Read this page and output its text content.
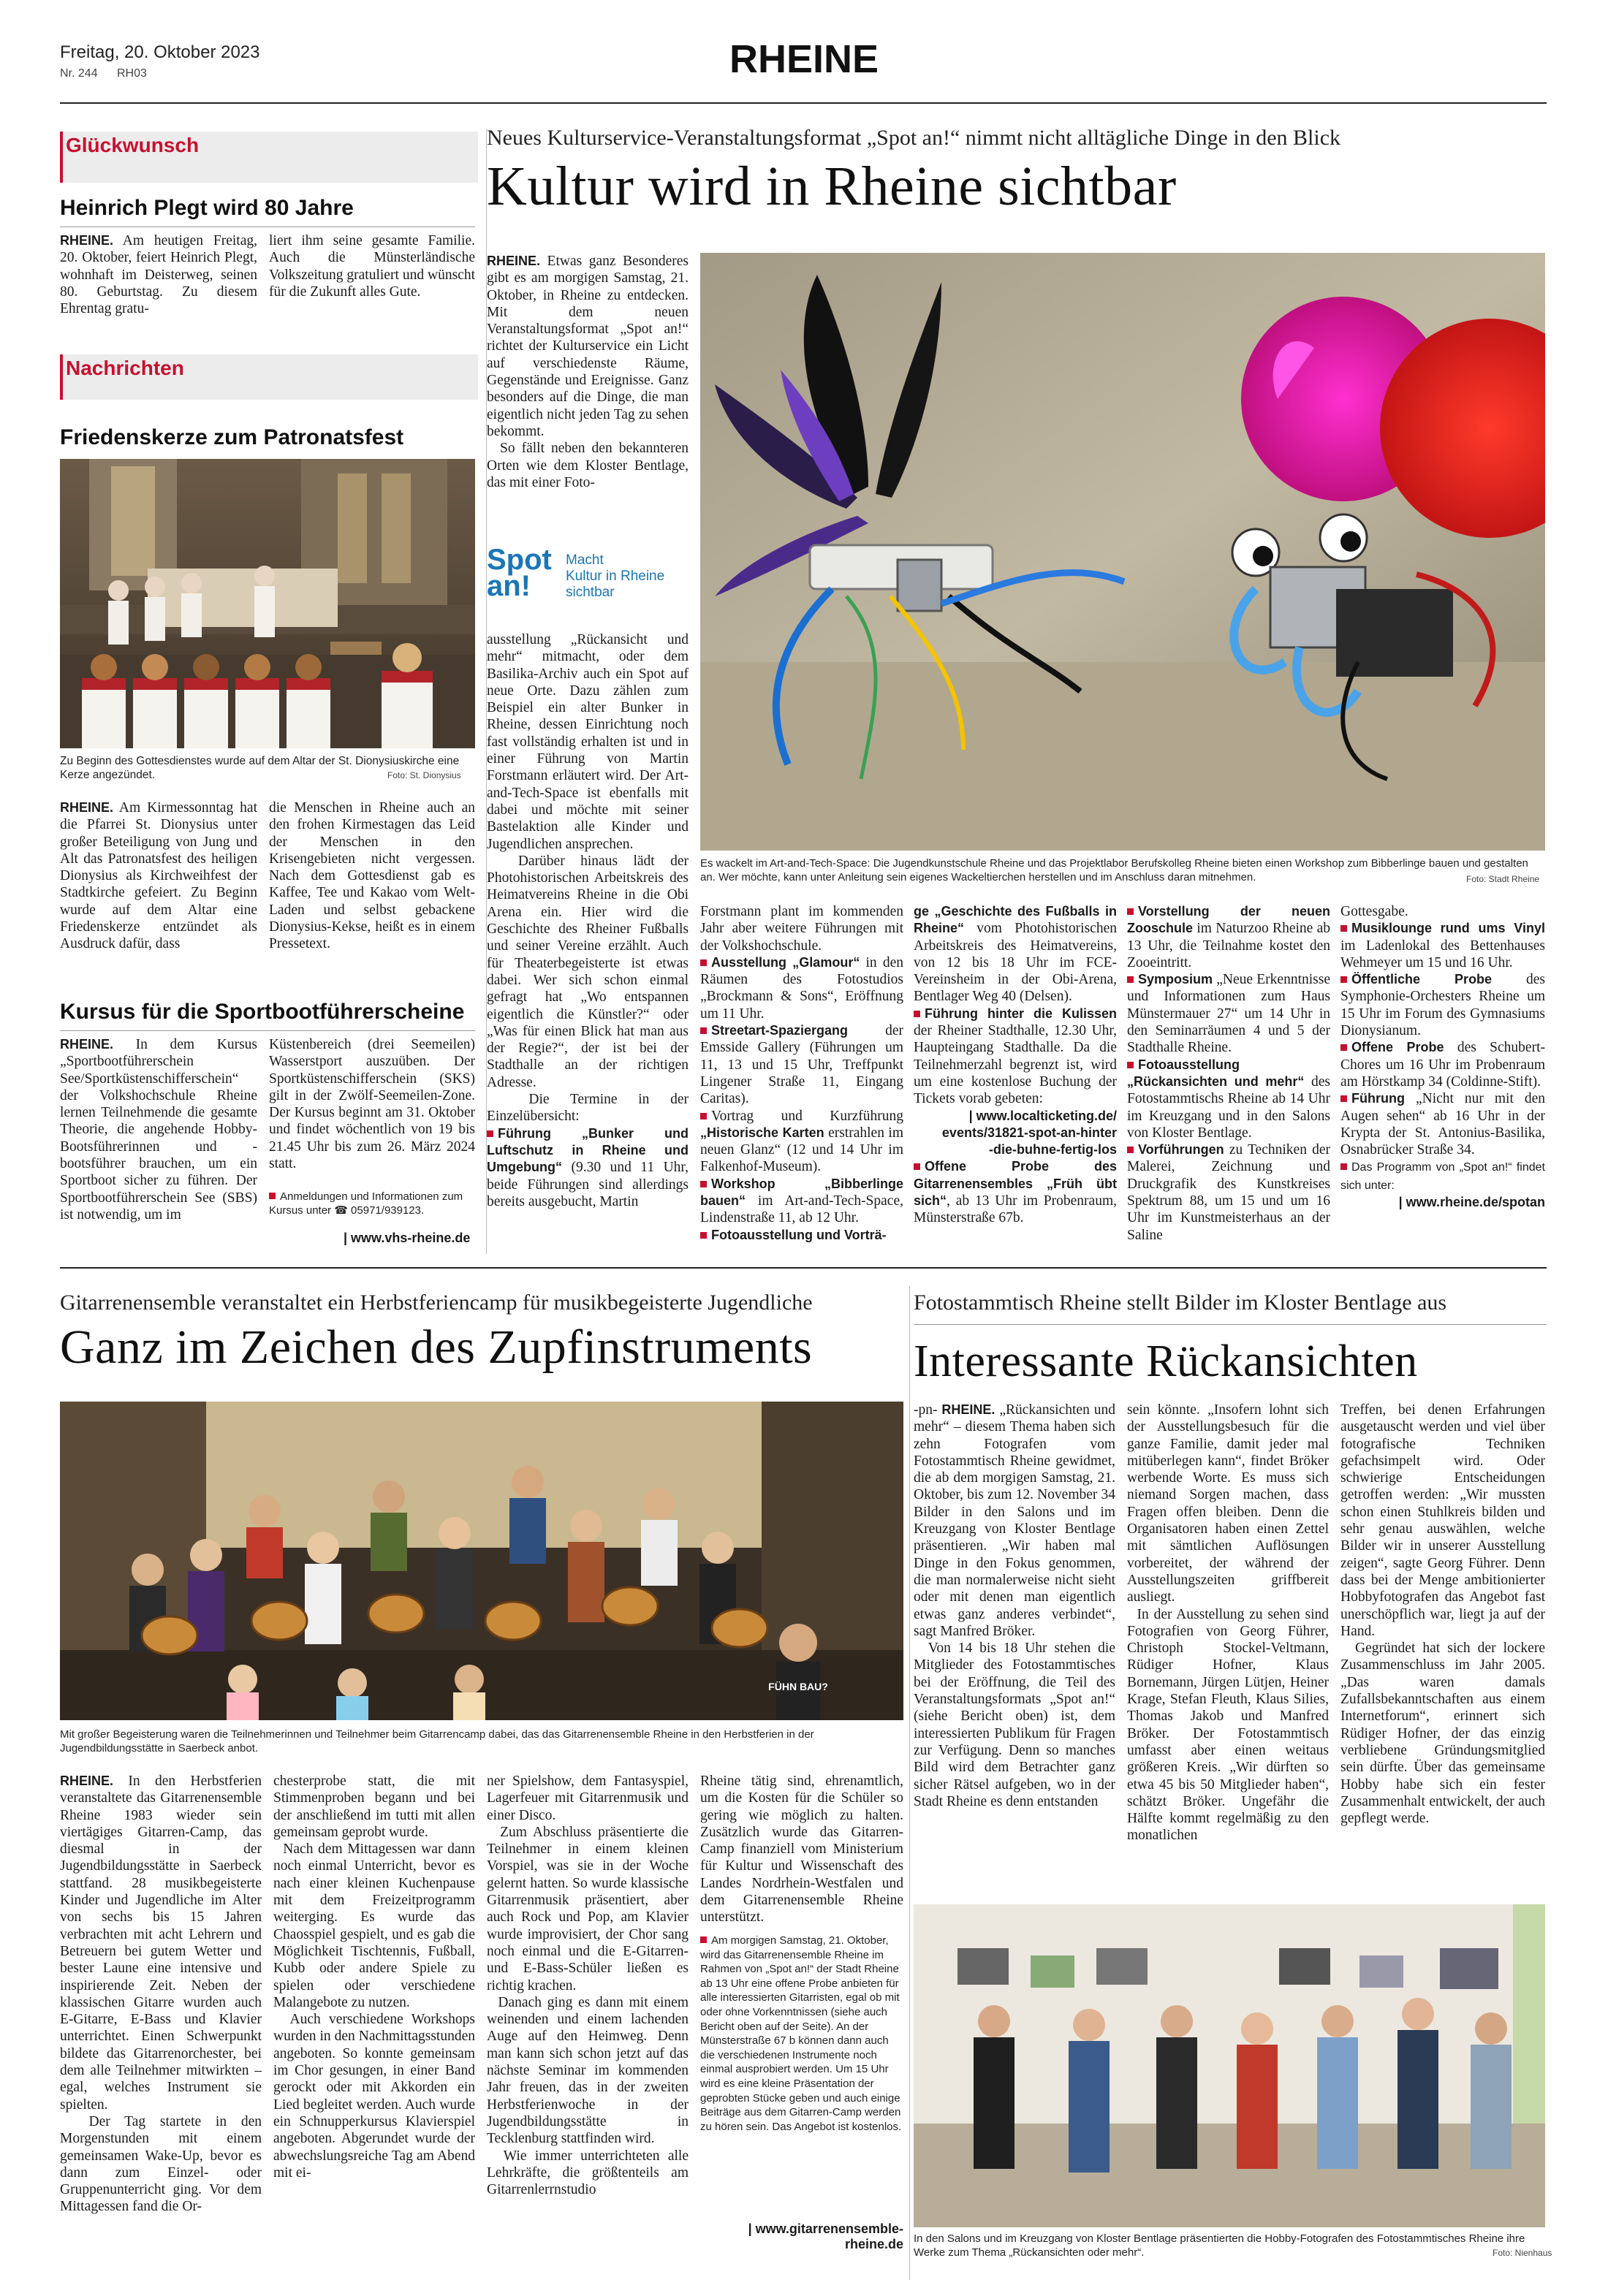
Freitag, 20. Oktober 2023
Nr. 244 RH03	RHEINE
Glückwunsch
Heinrich Plegt wird 80 Jahre

RHEINE. Am heutigen Freitag, 20. Oktober, feiert Heinrich Plegt, wohnhaft im Deisterweg, seinen 80. Geburtstag. Zu diesem Ehrentag gratu-

liert ihm seine gesamte Familie. Auch die Münsterländische Volkszeitung gratuliert und wünscht für die Zukunft alles Gute.

Nachrichten
Friedenskerze zum Patronatsfest
Zu Beginn des Gottesdienstes wurde auf dem Altar der St. Dionysiuskirche eine Kerze angezündet.	Foto: St. Dionysius

RHEINE. Am Kirmessonntag hat die Pfarrei St. Dionysius unter großer Beteiligung von Jung und Alt das Patronatsfest des heiligen Dionysius als Kirchweihfest der Stadtkirche gefeiert. Zu Beginn wurde auf dem Altar eine Friedenskerze entzündet als Ausdruck dafür, dass

die Menschen in Rheine auch an den frohen Kirmestagen das Leid der Menschen in den Krisengebieten nicht vergessen. Nach dem Gottesdienst gab es Kaffee, Tee und Kakao vom Welt-Laden und selbst gebackene Dionysius-Kekse, heißt es in einem Pressetext.

Kursus für die Sportbootführerscheine

RHEINE. In dem Kursus „Sportbootführerschein See/Sportküstenschifferschein“ der Volkshochschule Rheine lernen Teilnehmende die gesamte Theorie, die angehende Hobby-Bootsführerinnen und -bootsführer brauchen, um ein Sportboot sicher zu führen. Der Sportbootführerschein See (SBS) ist notwendig, um im

Küstenbereich (drei Seemeilen) Wasserstport auszuüben. Der Sportküstenschifferschein (SKS) gilt in der Zwölf-Seemeilen-Zone. Der Kursus beginnt am 31. Oktober und findet wöchentlich von 19 bis 21.45 Uhr bis zum 26. März 2024 statt.

Anmeldungen und Informationen zum Kursus unter ☎ 05971/939123.
| www.vhs-rheine.de
Neues Kulturservice-Veranstaltungsformat „Spot an!“ nimmt nicht alltägliche Dinge in den Blick
Kultur wird in Rheine sichtbar

RHEINE. Etwas ganz Besonderes gibt es am morgigen Samstag, 21. Oktober, in Rheine zu entdecken. Mit dem neuen Veranstaltungsformat „Spot an!“ richtet der Kulturservice ein Licht auf verschiedenste Räume, Gegenstände und Ereignisse. Ganz besonders auf die Dinge, die man eigentlich nicht jeden Tag zu sehen bekommt.
So fällt neben den bekannteren Orten wie dem Kloster Bentlage, das mit einer Foto-

Spot
an!
Macht
Kultur in Rheine
sichtbar

ausstellung „Rückansicht und mehr“ mitmacht, oder dem Basilika-Archiv auch ein Spot auf neue Orte. Dazu zählen zum Beispiel ein alter Bunker in Rheine, dessen Einrichtung noch fast vollständig erhalten ist und in einer Führung von Martin Forstmann erläutert wird. Der Art-and-Tech-Space ist ebenfalls mit dabei und möchte mit seiner Bastelaktion alle Kinder und Jugendlichen ansprechen.
Darüber hinaus lädt der Photohistorischen Arbeitskreis des Heimatvereins Rheine in die Obi Arena ein. Hier wird die Geschichte des Rheiner Fußballs und seiner Vereine erzählt. Auch für Theaterbegeisterte ist etwas dabei. Wer sich schon einmal gefragt hat „Wo entspannen eigentlich die Künstler?“ oder „Was für einen Blick hat man aus der Regie?“, der ist bei der Stadthalle an der richtigen Adresse.
Die Termine in der Einzelübersicht:
Führung „Bunker und Luftschutz in Rheine und Umgebung“ (9.30 und 11 Uhr, beide Führungen sind allerdings bereits ausgebucht, Martin

Es wackelt im Art-and-Tech-Space: Die Jugendkunstschule Rheine und das Projektlabor Berufskolleg Rheine bieten einen Workshop zum Bibberlinge bauen und gestalten an. Wer möchte, kann unter Anleitung sein eigenes Wackeltierchen herstellen und im Anschluss daran mitnehmen.	Foto: Stadt Rheine

Forstmann plant im kommenden Jahr aber weitere Führungen mit der Volkshochschule.
Ausstellung „Glamour“ in den Räumen des Fotostudios „Brockmann & Sons“, Eröffnung um 11 Uhr.
Streetart-Spaziergang der Emsside Gallery (Führungen um 11, 13 und 15 Uhr, Treffpunkt Lingener Straße 11, Eingang Caritas).
Vortrag und Kurzführung „Historische Karten erstrahlen im neuen Glanz“ (12 und 14 Uhr im Falkenhof-Museum).
Workshop „Bibberlinge bauen“ im Art-and-Tech-Space, Lindenstraße 11, ab 12 Uhr.
Fotoausstellung und Vorträ-

ge „Geschichte des Fußballs in Rheine“ vom Photohistorischen Arbeitskreis des Heimatvereins, von 12 bis 18 Uhr im FCE-Vereinsheim in der Obi-Arena, Bentlager Weg 40 (Delsen).
Führung hinter die Kulissen der Rheiner Stadthalle, 12.30 Uhr, Haupteingang Stadthalle. Da die Teilnehmerzahl begrenzt ist, wird um eine kostenlose Buchung der Tickets vorab gebeten:

| www.localticketing.de/
events/31821-spot-an-hinter
-die-buhne-fertig-los
Offene Probe des Gitarrenensembles „Früh übt sich“, ab 13 Uhr im Probenraum, Münsterstraße 67b.

Vorstellung der neuen Zooschule im Naturzoo Rheine ab 13 Uhr, die Teilnahme kostet den Zooeintritt.
Symposium „Neue Erkenntnisse und Informationen zum Haus Münstermauer 27“ um 14 Uhr in den Seminarräumen 4 und 5 der Stadthalle Rheine.
Fotoausstellung „Rückansichten und mehr“ des Fotostammtischs Rheine ab 14 Uhr im Kreuzgang und in den Salons von Kloster Bentlage.
Vorführungen zu Techniken der Malerei, Zeichnung und Druckgrafik des Kunstkreises Spektrum 88, um 15 und um 16 Uhr im Kunstmeisterhaus an der Saline

Gottesgabe.
Musiklounge rund ums Vinyl im Ladenlokal des Bettenhauses Wehmeyer um 15 und 16 Uhr.
Öffentliche Probe des Symphonie-Orchesters Rheine um 15 Uhr im Forum des Gymnasiums Dionysianum.
Offene Probe des Schubert-Chores um 16 Uhr im Probenraum am Hörstkamp 34 (Coldinne-Stift).
Führung „Nicht nur mit den Augen sehen“ ab 16 Uhr in der Krypta der St. Antonius-Basilika, Osnabrücker Straße 34.
Das Programm von „Spot an!“ findet sich unter:

| www.rheine.de/spotan

Gitarrenensemble veranstaltet ein Herbstferiencamp für musikbegeisterte Jugendliche
Ganz im Zeichen des Zupfinstruments
FÜHN BAU?
Mit großer Begeisterung waren die Teilnehmerinnen und Teilnehmer beim Gitarrencamp dabei, das das Gitarrenensemble Rheine in den Herbstferien in der Jugendbildungsstätte in Saerbeck anbot.

RHEINE. In den Herbstferien veranstaltete das Gitarrenensemble Rheine 1983 wieder sein viertägiges Gitarren-Camp, das diesmal in der Jugendbildungsstätte in Saerbeck stattfand. 28 musikbegeisterte Kinder und Jugendliche im Alter von sechs bis 15 Jahren verbrachten mit acht Lehrern und Betreuern bei gutem Wetter und bester Laune eine intensive und inspirierende Zeit. Neben der klassischen Gitarre wurden auch E-Gitarre, E-Bass und Klavier unterrichtet. Einen Schwerpunkt bildete das Gitarrenorchester, bei dem alle Teilnehmer mitwirkten – egal, welches Instrument sie spielten.
Der Tag startete in den Morgenstunden mit einem gemeinsamen Wake-Up, bevor es dann zum Einzel- oder Gruppenunterricht ging. Vor dem Mittagessen fand die Or-

chesterprobe statt, die mit Stimmenproben begann und bei der anschließend im tutti mit allen gemeinsam geprobt wurde.
Nach dem Mittagessen war dann noch einmal Unterricht, bevor es nach einer kleinen Kuchenpause mit dem Freizeitprogramm weiterging. Es wurde das Chaosspiel gespielt, und es gab die Möglichkeit Tischtennis, Fußball, Kubb oder andere Spiele zu spielen oder verschiedene Malangebote zu nutzen.
Auch verschiedene Workshops wurden in den Nachmittagsstunden angeboten. So konnte gemeinsam im Chor gesungen, in einer Band gerockt oder mit Akkorden ein Lied begleitet werden. Auch wurde ein Schnupperkursus Klavierspiel angeboten. Abgerundet wurde der abwechslungsreiche Tag am Abend mit ei-

ner Spielshow, dem Fantasyspiel, Lagerfeuer mit Gitarrenmusik und einer Disco.
Zum Abschluss präsentierte die Teilnehmer in einem kleinen Vorspiel, was sie in der Woche gelernt hatten. So wurde klassische Gitarrenmusik präsentiert, aber auch Rock und Pop, am Klavier wurde improvisiert, der Chor sang noch einmal und die E-Gitarren- und E-Bass-Schüler ließen es richtig krachen.
Danach ging es dann mit einem weinenden und einem lachenden Auge auf den Heimweg. Denn man kann sich schon jetzt auf das nächste Seminar im kommenden Jahr freuen, das in der zweiten Herbstferienwoche in der Jugendbildungsstätte in Tecklenburg stattfinden wird.
Wie immer unterrichteten alle Lehrkräfte, die größtenteils am Gitarrenlerrnstudio

Rheine tätig sind, ehrenamtlich, um die Kosten für die Schüler so gering wie möglich zu halten. Zusätzlich wurde das Gitarren-Camp finanziell vom Ministerium für Kultur und Wissenschaft des Landes Nordrhein-Westfalen und dem Gitarrenensemble Rheine unterstützt.

Am morgigen Samstag, 21. Oktober, wird das Gitarrenensemble Rheine im Rahmen von „Spot an!“ der Stadt Rheine ab 13 Uhr eine offene Probe anbieten für alle interessierten Gitarristen, egal ob mit oder ohne Vorkenntnissen (siehe auch Bericht oben auf der Seite). An der Münsterstraße 67 b können dann auch die verschiedenen Instrumente noch einmal ausprobiert werden. Um 15 Uhr wird es eine kleine Präsentation der geprobten Stücke geben und auch einige Beiträge aus dem Gitarren-Camp werden zu hören sein. Das Angebot ist kostenlos.
| www.gitarrenensemble-rheine.de
Fotostammtisch Rheine stellt Bilder im Kloster Bentlage aus
Interessante Rückansichten

-pn- RHEINE. „Rückansichten und mehr“ – diesem Thema haben sich zehn Fotografen vom Fotostammtisch Rheine gewidmet, die ab dem morgigen Samstag, 21. Oktober, bis zum 12. November 34 Bilder in den Salons und im Kreuzgang von Kloster Bentlage präsentieren. „Wir haben mal Dinge in den Fokus genommen, die man normalerweise nicht sieht oder mit denen man eigentlich etwas ganz anderes verbindet“, sagt Manfred Bröker.
Von 14 bis 18 Uhr stehen die Mitglieder des Fotostammtisches bei der Eröffnung, die Teil des Veranstaltungsformats „Spot an!“ (siehe Bericht oben) ist, dem interessierten Publikum für Fragen zur Verfügung. Denn so manches Bild wird dem Betrachter ganz sicher Rätsel aufgeben, wo in der Stadt Rheine es denn entstanden

sein könnte. „Insofern lohnt sich der Ausstellungsbesuch für die ganze Familie, damit jeder mal mitüberlegen kann“, findet Bröker werbende Worte. Es muss sich niemand Sorgen machen, dass Fragen offen bleiben. Denn die Organisatoren haben einen Zettel mit sämtlichen Auflösungen vorbereitet, der während der Ausstellungszeiten griffbereit ausliegt.
In der Ausstellung zu sehen sind Fotografien von Georg Führer, Christoph Stockel-Veltmann, Rüdiger Hofner, Klaus Bornemann, Jürgen Lütjen, Heiner Krage, Stefan Fleuth, Klaus Silies, Thomas Jakob und Manfred Bröker. Der Fotostammtisch umfasst aber einen weitaus größeren Kreis. „Wir dürften so etwa 45 bis 50 Mitglieder haben“, schätzt Bröker. Ungefähr die Hälfte kommt regelmäßig zu den monatlichen

Treffen, bei denen Erfahrungen ausgetauscht werden und viel über fotografische Techniken gefachsimpelt wird. Oder schwierige Entscheidungen getroffen werden: „Wir mussten schon einen Stuhlkreis bilden und sehr genau auswählen, welche Bilder wir in unserer Ausstellung zeigen“, sagte Georg Führer. Denn dass bei der Menge ambitionierter Hobbyfotografen das Angebot fast unerschöpflich war, liegt ja auf der Hand.
Gegründet hat sich der lockere Zusammenschluss im Jahr 2005. „Das waren damals Zufallsbekanntschaften aus einem Internetforum“, erinnert sich Rüdiger Hofner, der das einzig verbliebene Gründungsmitglied sein dürfte. Über das gemeinsame Hobby habe sich ein fester Zusammenhalt entwickelt, der auch gepflegt werde.

In den Salons und im Kreuzgang von Kloster Bentlage präsentierten die Hobby-Fotografen des Fotostammtisches Rheine ihre Werke zum Thema „Rückansichten oder mehr“.	Foto: Nienhaus
